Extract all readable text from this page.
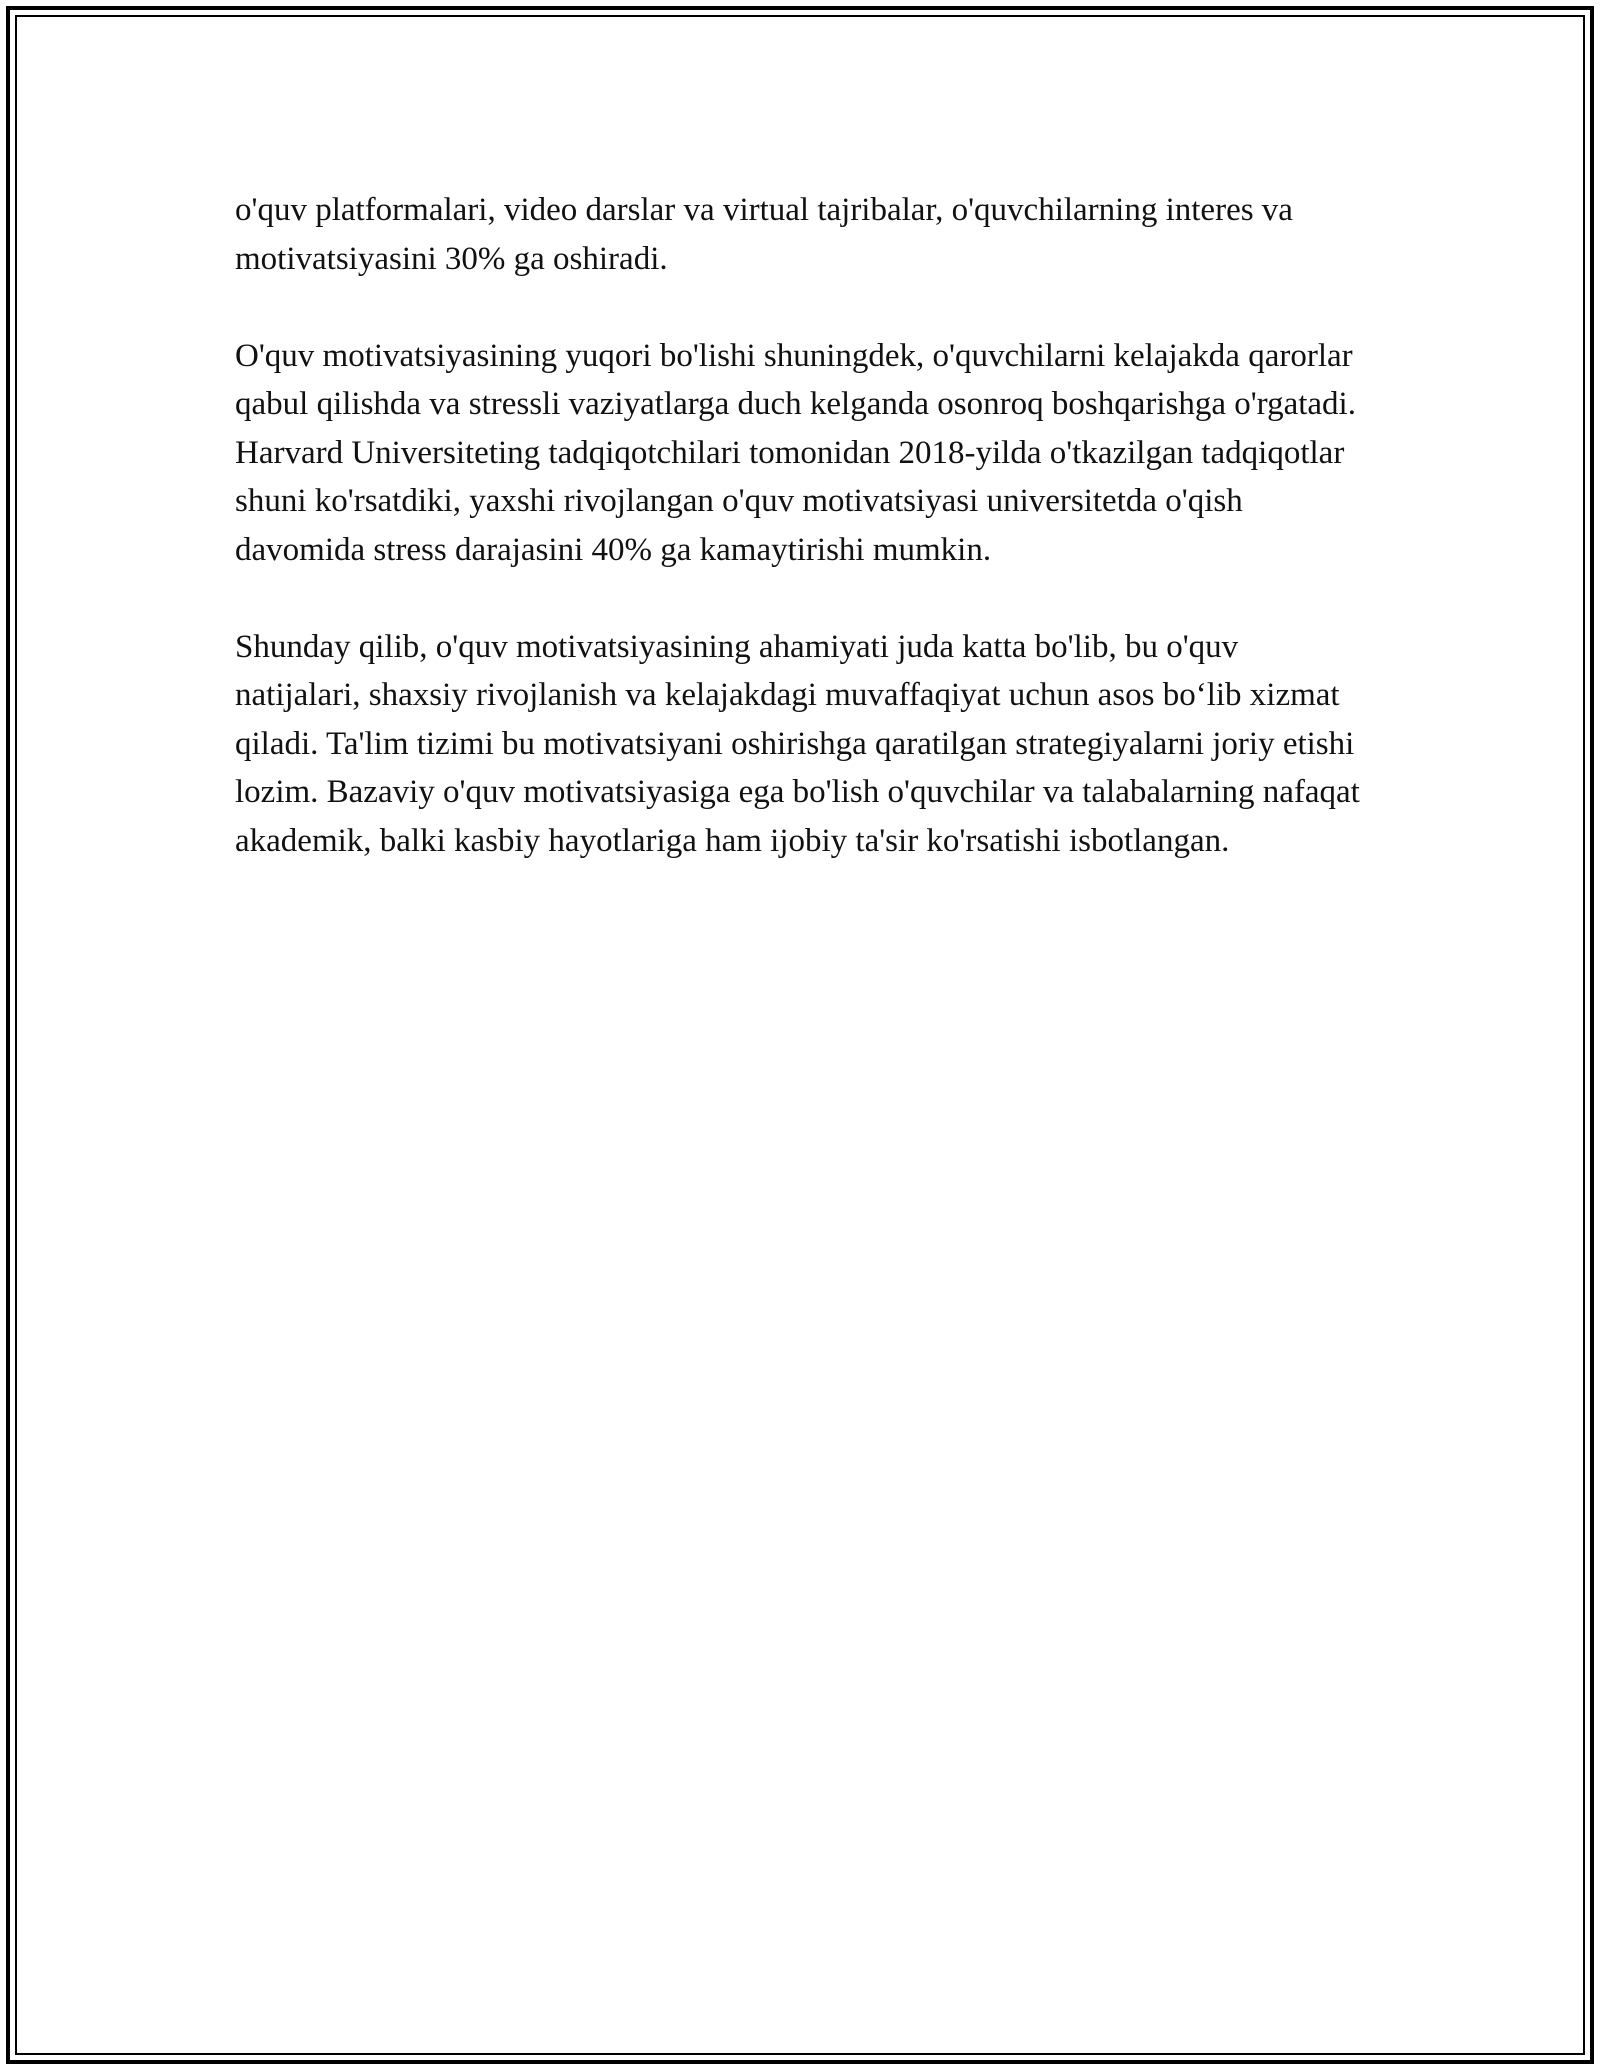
o'quv platformalari, video darslar va virtual tajribalar, o'quvchilarning interes va motivatsiyasini 30% ga oshiradi.

O'quv motivatsiyasining yuqori bo'lishi shuningdek, o'quvchilarni kelajakda qarorlar qabul qilishda va stressli vaziyatlarga duch kelganda osonroq boshqarishga o'rgatadi. Harvard Universiteting tadqiqotchilari tomonidan 2018-yilda o'tkazilgan tadqiqotlar shuni ko'rsatdiki, yaxshi rivojlangan o'quv motivatsiyasi universitetda o'qish davomida stress darajasini 40% ga kamaytirishi mumkin.

Shunday qilib, o'quv motivatsiyasining ahamiyati juda katta bo'lib, bu o'quv natijalari, shaxsiy rivojlanish va kelajakdagi muvaffaqiyat uchun asos bo‘lib xizmat qiladi. Ta'lim tizimi bu motivatsiyani oshirishga qaratilgan strategiyalarni joriy etishi lozim. Bazaviy o'quv motivatsiyasiga ega bo'lish o'quvchilar va talabalarning nafaqat akademik, balki kasbiy hayotlariga ham ijobiy ta'sir ko'rsatishi isbotlangan.
